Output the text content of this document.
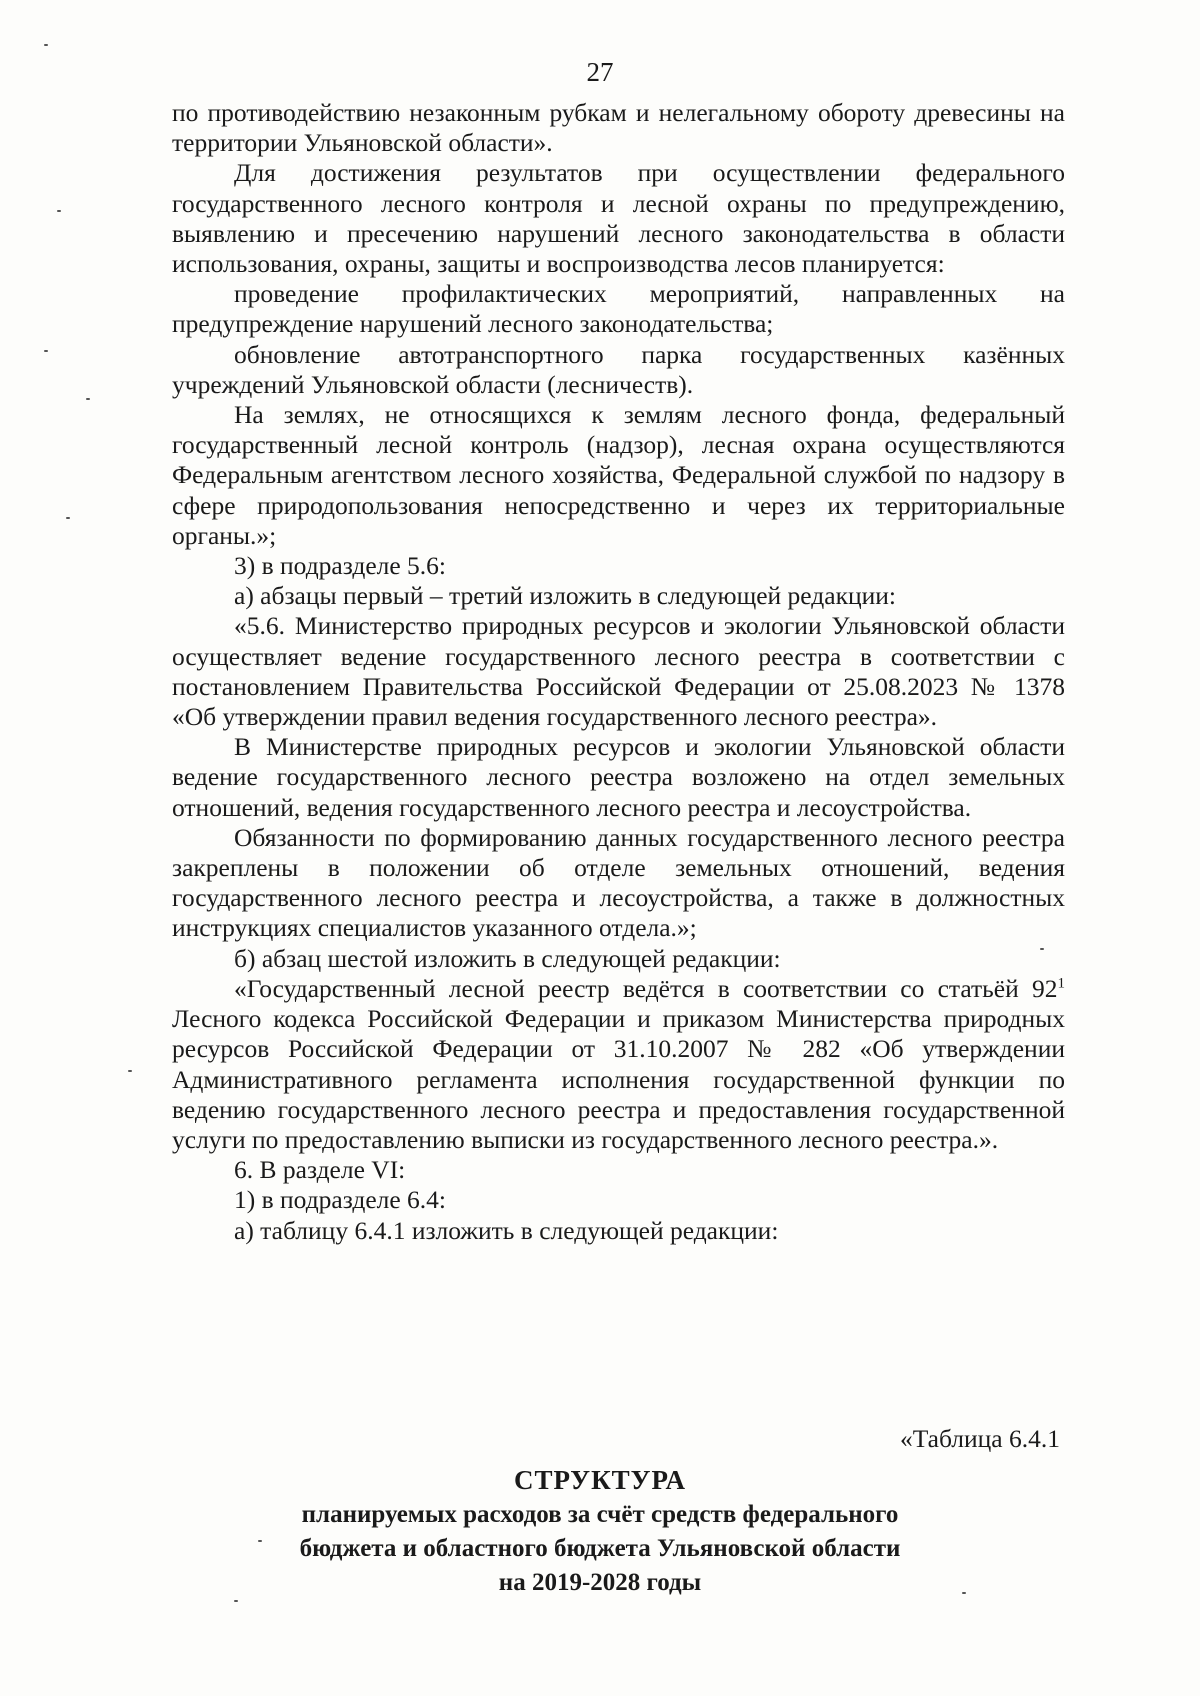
27

по противодействию незаконным рубкам и нелегальному обороту древесины на территории Ульяновской области».

Для достижения результатов при осуществлении федерального государственного лесного контроля и лесной охраны по предупреждению, выявлению и пресечению нарушений лесного законодательства в области использования, охраны, защиты и воспроизводства лесов планируется:

проведение профилактических мероприятий, направленных на предупреждение нарушений лесного законодательства;

обновление автотранспортного парка государственных казённых учреждений Ульяновской области (лесничеств).

На землях, не относящихся к землям лесного фонда, федеральный государственный лесной контроль (надзор), лесная охрана осуществляются Федеральным агентством лесного хозяйства, Федеральной службой по надзору в сфере природопользования непосредственно и через их территориальные органы.»;

3) в подразделе 5.6:

а) абзацы первый – третий изложить в следующей редакции:

«5.6. Министерство природных ресурсов и экологии Ульяновской области осуществляет ведение государственного лесного реестра в соответствии с постановлением Правительства Российской Федерации от 25.08.2023 № 1378 «Об утверждении правил ведения государственного лесного реестра».

В Министерстве природных ресурсов и экологии Ульяновской области ведение государственного лесного реестра возложено на отдел земельных отношений, ведения государственного лесного реестра и лесоустройства.

Обязанности по формированию данных государственного лесного реестра закреплены в положении об отделе земельных отношений, ведения государственного лесного реестра и лесоустройства, а также в должностных инструкциях специалистов указанного отдела.»;

б) абзац шестой изложить в следующей редакции:

«Государственный лесной реестр ведётся в соответствии со статьёй $92^1$ Лесного кодекса Российской Федерации и приказом Министерства природных ресурсов Российской Федерации от 31.10.2007 № 282 «Об утверждении Административного регламента исполнения государственной функции по ведению государственного лесного реестра и предоставления государственной услуги по предоставлению выписки из государственного лесного реестра.».

6. В разделе VI:

1) в подразделе 6.4:

а) таблицу 6.4.1 изложить в следующей редакции:

«Таблица 6.4.1
СТРУКТУРА
планируемых расходов за счёт средств федерального
бюджета и областного бюджета Ульяновской области
на 2019-2028 годы
